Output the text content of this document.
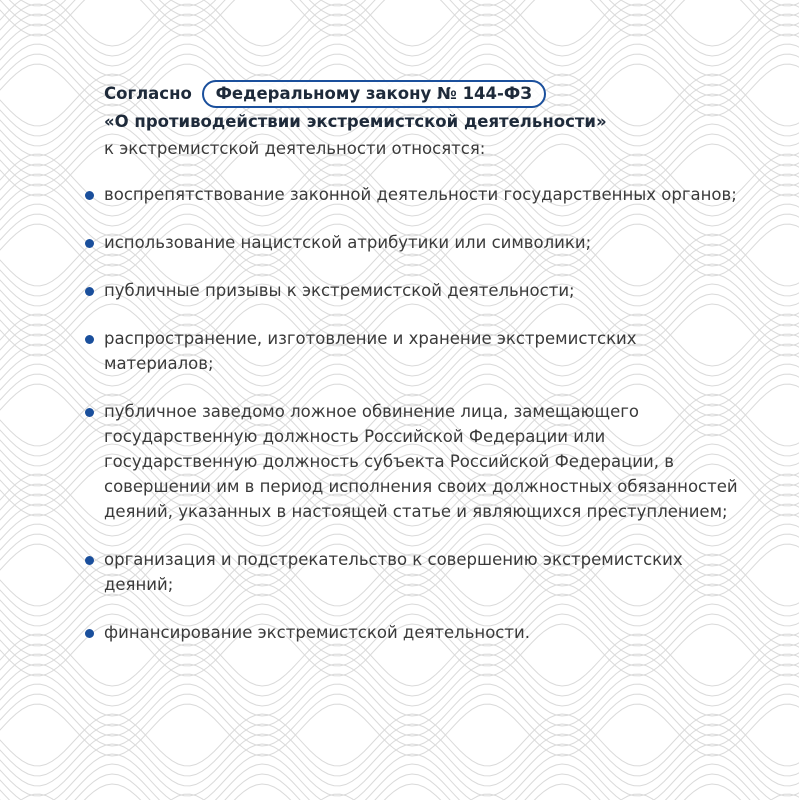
Согласно Федеральному закону № 144-ФЗ
«О противодействии экстремистской деятельности»
к экстремистской деятельности относятся:

воспрепятствование законной деятельности государственных органов;
использование нацистской атрибутики или символики;
публичные призывы к экстремистской деятельности;
распространение, изготовление и хранение экстремистских материалов;
публичное заведомо ложное обвинение лица, замещающего государственную должность Российской Федерации или государственную должность субъекта Российской Федерации, в совершении им в период исполнения своих должностных обязанностей деяний, указанных в настоящей статье и являющихся преступлением;
организация и подстрекательство к совершению экстремистских деяний;
финансирование экстремистской деятельности.
